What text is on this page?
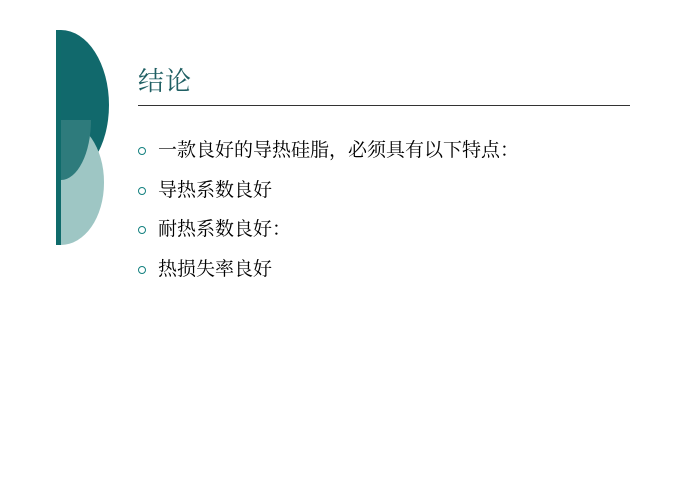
结论
一款良好的导热硅脂，必须具有以下特点：
导热系数良好
耐热系数良好：
热损失率良好
